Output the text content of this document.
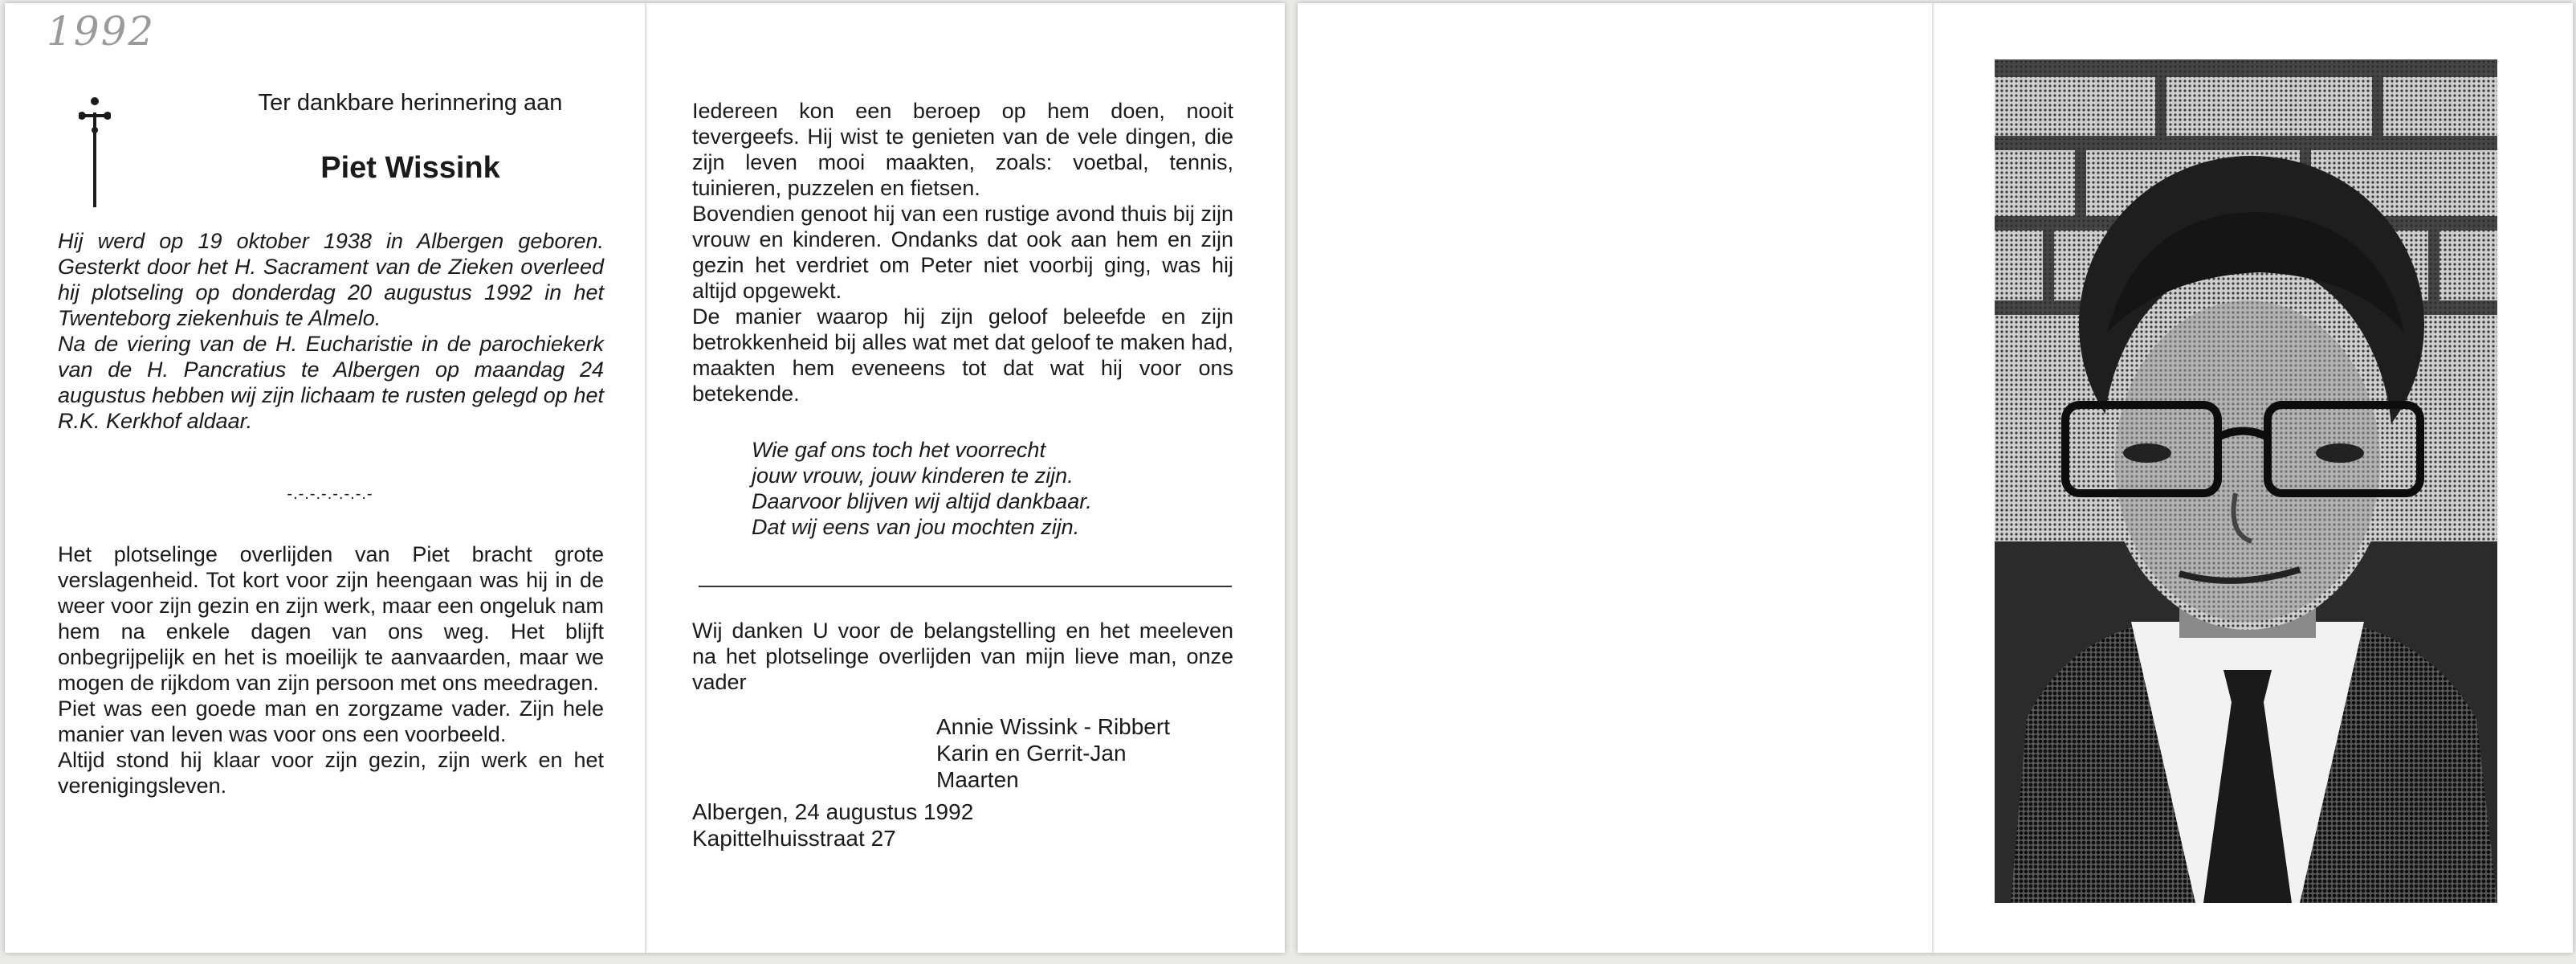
1992
Ter dankbare herinnering aan
Piet Wissink
Hij werd op 19 oktober 1938 in Albergen geboren. Gesterkt door het H. Sacrament van de Zieken overleed hij plotseling op donderdag 20 augustus 1992 in het Twenteborg ziekenhuis te Almelo.
Na de viering van de H. Eucharistie in de parochiekerk van de H. Pancratius te Albergen op maandag 24 augustus hebben wij zijn lichaam te rusten gelegd op het R.K. Kerkhof aldaar.
-.-.-.-.-.-.-.-
Het plotselinge overlijden van Piet bracht grote verslagenheid. Tot kort voor zijn heengaan was hij in de weer voor zijn gezin en zijn werk, maar een ongeluk nam hem na enkele dagen van ons weg. Het blijft onbegrijpelijk en het is moeilijk te aanvaarden, maar we mogen de rijkdom van zijn persoon met ons meedragen.
Piet was een goede man en zorgzame vader. Zijn hele manier van leven was voor ons een voorbeeld.
Altijd stond hij klaar voor zijn gezin, zijn werk en het verenigingsleven.
Iedereen kon een beroep op hem doen, nooit tevergeefs. Hij wist te genieten van de vele dingen, die zijn leven mooi maakten, zoals: voetbal, tennis, tuinieren, puzzelen en fietsen.
Bovendien genoot hij van een rustige avond thuis bij zijn vrouw en kinderen. Ondanks dat ook aan hem en zijn gezin het verdriet om Peter niet voorbij ging, was hij altijd opgewekt.
De manier waarop hij zijn geloof beleefde en zijn betrokkenheid bij alles wat met dat geloof te maken had, maakten hem eveneens tot dat wat hij voor ons betekende.
Wie gaf ons toch het voorrecht
jouw vrouw, jouw kinderen te zijn.
Daarvoor blijven wij altijd dankbaar.
Dat wij eens van jou mochten zijn.
Wij danken U voor de belangstelling en het meeleven na het plotselinge overlijden van mijn lieve man, onze vader
Annie Wissink - Ribbert
Karin en Gerrit-Jan
Maarten
Albergen, 24 augustus 1992
Kapittelhuisstraat 27
